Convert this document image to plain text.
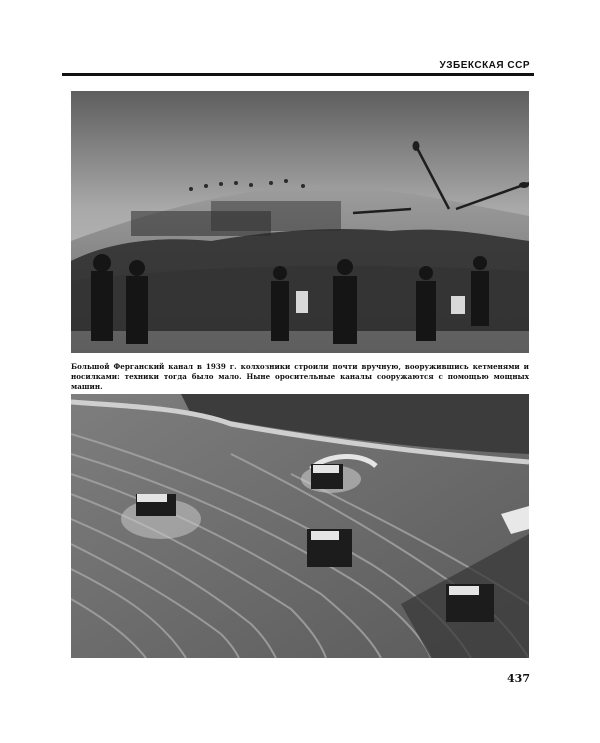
УЗБЕКСКАЯ ССР
Большой Ферганский канал в 1939 г. колхозники строили почти вручную, вооружившись кетменями и носилками: техники тогда было мало. Ныне оросительные каналы сооружаются с помощью мощных машин.
437
